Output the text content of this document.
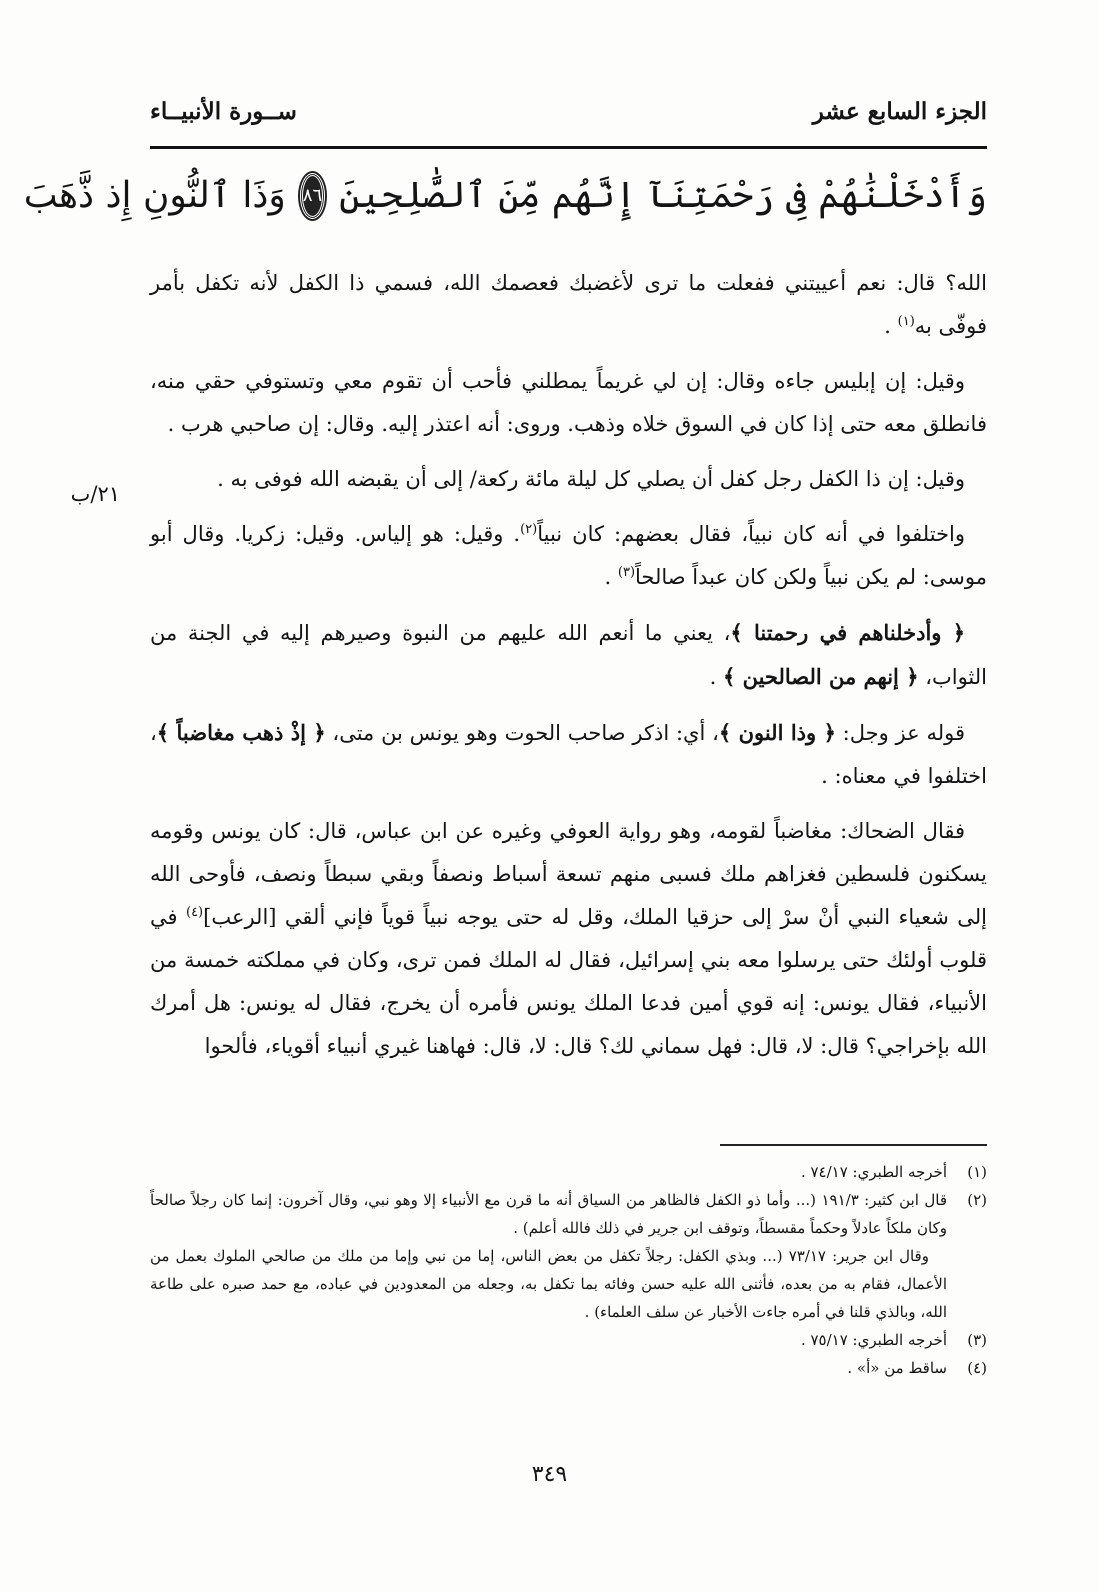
الجزء السابع عشر
ســورة الأنبيــاء
وَأَدْخَلْنَٰهُمْ فِى رَحْمَتِنَآ إِنَّهُم مِّنَ ٱلصَّٰلِحِينَ
٨٦
وَذَا ٱلنُّونِ إِذ ذَّهَبَ

الله؟ قال: نعم أعييتني ففعلت ما ترى لأغضبك فعصمك الله، فسمي ذا الكفل لأنه تكفل بأمر فوفّى به$^{(١)}$ .

وقيل: إن إبليس جاءه وقال: إن لي غريماً يمطلني فأحب أن تقوم معي وتستوفي حقي منه، فانطلق معه حتى إذا كان في السوق خلاه وذهب. وروى: أنه اعتذر إليه. وقال: إن صاحبي هرب .

وقيل: إن ذا الكفل رجل كفل أن يصلي كل ليلة مائة ركعة/ إلى أن يقبضه الله فوفى به .

واختلفوا في أنه كان نبياً، فقال بعضهم: كان نبياً$^{(٢)}$. وقيل: هو إلياس. وقيل: زكريا. وقال أبو موسى: لم يكن نبياً ولكن كان عبداً صالحاً$^{(٣)}$ .

﴿ وأدخلناهم في رحمتنا ﴾، يعني ما أنعم الله عليهم من النبوة وصيرهم إليه في الجنة من الثواب، ﴿ إنهم من الصالحين ﴾ .

قوله عز وجل: ﴿ وذا النون ﴾، أي: اذكر صاحب الحوت وهو يونس بن متى، ﴿ إذْ ذهب مغاضباً ﴾، اختلفوا في معناه: .

فقال الضحاك: مغاضباً لقومه، وهو رواية العوفي وغيره عن ابن عباس، قال: كان يونس وقومه يسكنون فلسطين فغزاهم ملك فسبى منهم تسعة أسباط ونصفاً وبقي سبطاً ونصف، فأوحى الله إلى شعياء النبي أنْ سرْ إلى حزقيا الملك، وقل له حتى يوجه نبياً قوياً فإني ألقي [الرعب]$^{(٤)}$ في قلوب أولئك حتى يرسلوا معه بني إسرائيل، فقال له الملك فمن ترى، وكان في مملكته خمسة من الأنبياء، فقال يونس: إنه قوي أمين فدعا الملك يونس فأمره أن يخرج، فقال له يونس: هل أمرك الله بإخراجي؟ قال: لا، قال: فهل سماني لك؟ قال: لا، قال: فهاهنا غيري أنبياء أقوياء، فألحوا

٢١/ب
(١)
أخرجه الطبري: ٧٤/١٧ .
(٢)
قال ابن كثير: ١٩١/٣ (... وأما ذو الكفل فالظاهر من السياق أنه ما قرن مع الأنبياء إلا وهو نبي، وقال آخرون: إنما كان رجلاً صالحاً وكان ملكاً عادلاً وحكماً مقسطاً، وتوقف ابن جرير في ذلك فالله أعلم) .
وقال ابن جرير: ٧٣/١٧ (... وبذي الكفل: رجلاً تكفل من بعض الناس، إما من نبي وإما من ملك من صالحي الملوك بعمل من الأعمال، فقام به من بعده، فأثنى الله عليه حسن وفائه بما تكفل به، وجعله من المعدودين في عباده، مع حمد صبره على طاعة الله، وبالذي قلنا في أمره جاءت الأخبار عن سلف العلماء) .
(٣)
أخرجه الطبري: ٧٥/١٧ .
(٤)
ساقط من «أ» .
٣٤٩
